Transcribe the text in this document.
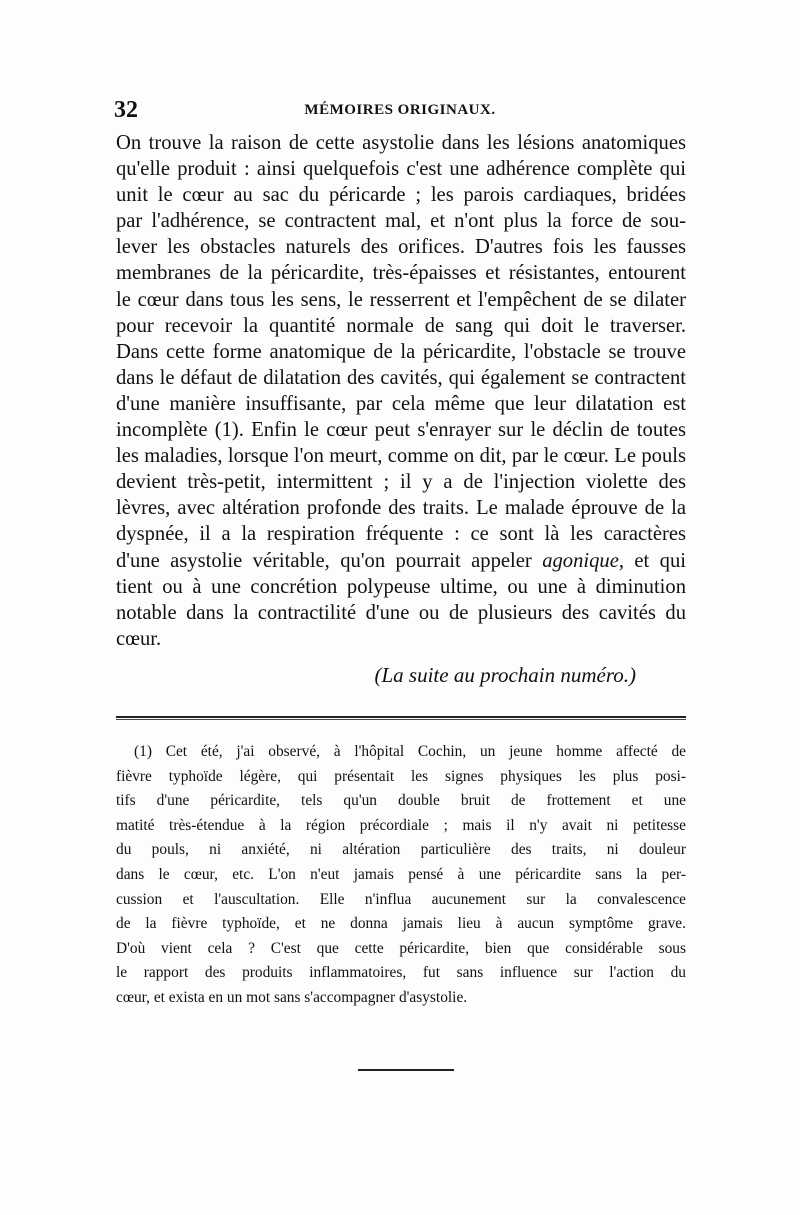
32	MÉMOIRES ORIGINAUX.
On trouve la raison de cette asystolie dans les lésions anatomiques
qu'elle produit : ainsi quelquefois c'est une adhérence complète qui
unit le cœur au sac du péricarde ; les parois cardiaques, bridées
par l'adhérence, se contractent mal, et n'ont plus la force de sou-
lever les obstacles naturels des orifices. D'autres fois les fausses
membranes de la péricardite, très-épaisses et résistantes, entourent
le cœur dans tous les sens, le resserrent et l'empêchent de se dilater
pour recevoir la quantité normale de sang qui doit le traverser.
Dans cette forme anatomique de la péricardite, l'obstacle se trouve
dans le défaut de dilatation des cavités, qui également se contractent
d'une manière insuffisante, par cela même que leur dilatation est
incomplète (1). Enfin le cœur peut s'enrayer sur le déclin de toutes
les maladies, lorsque l'on meurt, comme on dit, par le cœur. Le pouls
devient très-petit, intermittent ; il y a de l'injection violette des
lèvres, avec altération profonde des traits. Le malade éprouve de la
dyspnée, il a la respiration fréquente : ce sont là les caractères
d'une asystolie véritable, qu'on pourrait appeler agonique, et qui
tient ou à une concrétion polypeuse ultime, ou une à diminution
notable dans la contractilité d'une ou de plusieurs des cavités du
cœur.
(La suite au prochain numéro.)
(1) Cet été, j'ai observé, à l'hôpital Cochin, un jeune homme affecté de
fièvre typhoïde légère, qui présentait les signes physiques les plus posi-
tifs d'une péricardite, tels qu'un double bruit de frottement et une
matité très-étendue à la région précordiale ; mais il n'y avait ni petitesse
du pouls, ni anxiété, ni altération particulière des traits, ni douleur
dans le cœur, etc. L'on n'eut jamais pensé à une péricardite sans la per-
cussion et l'auscultation. Elle n'influa aucunement sur la convalescence
de la fièvre typhoïde, et ne donna jamais lieu à aucun symptôme grave.
D'où vient cela ? C'est que cette péricardite, bien que considérable sous
le rapport des produits inflammatoires, fut sans influence sur l'action du
cœur, et exista en un mot sans s'accompagner d'asystolie.
